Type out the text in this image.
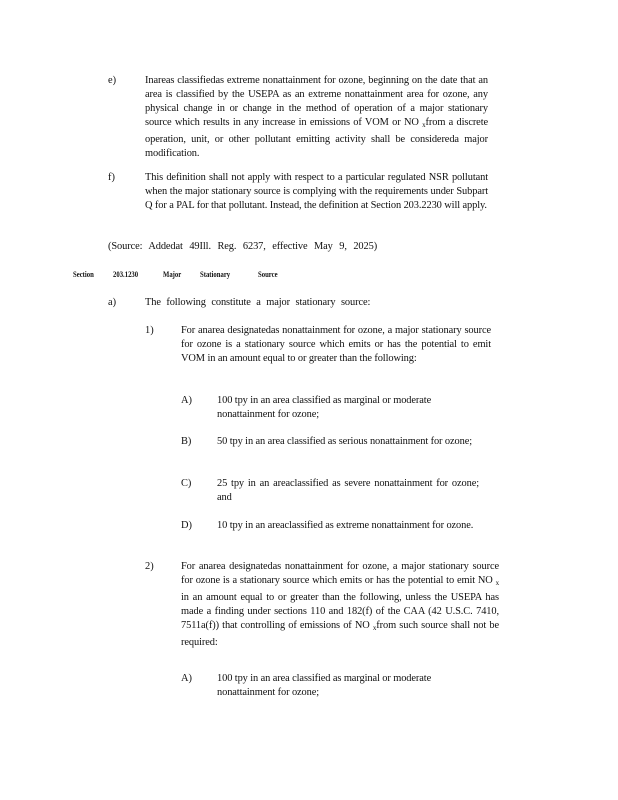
e)	Inareas classifiedas extreme nonattainment for ozone, beginning on the date that an area is classified by the USEPA as an extreme nonattainment area for ozone, any physical change in or change in the method of operation of a major stationary source which results in any increase in emissions of VOM or NO $_x$from a discrete operation, unit, or other pollutant emitting activity shall be considereda major modification.
f)	This definition shall not apply with respect to a particular regulated NSR pollutant when the major stationary source is complying with the requirements under Subpart Q for a PAL for that pollutant. Instead, the definition at Section 203.2230 will apply.
(Source: Addedat 49Ill. Reg. 6237, effective May 9, 2025)
Section 203.1230	Major Stationary	Source
a)	The following constitute a major stationary source:
1)	For anarea designatedas nonattainment for ozone, a major stationary source for ozone is a stationary source which emits or has the potential to emit VOM in an amount equal to or greater than the following:
A) 100 tpy in an area classified as marginal or moderate nonattainment for ozone;
B) 50 tpy in an area classified as serious nonattainment for ozone;
C) 25 tpy in an areaclassified as severe nonattainment for ozone; and
D) 10 tpy in an areaclassified as extreme nonattainment for ozone.
2)	For anarea designatedas nonattainment for ozone, a major stationary source for ozone is a stationary source which emits or has the potential to emit NO $_x$ in an amount equal to or greater than the following, unless the USEPA has made a finding under sections 110 and 182(f) of the CAA (42 U.S.C. 7410, 7511a(f)) that controlling of emissions of NO $_x$from such source shall not be required:
A) 100 tpy in an area classified as marginal or moderate nonattainment for ozone;
